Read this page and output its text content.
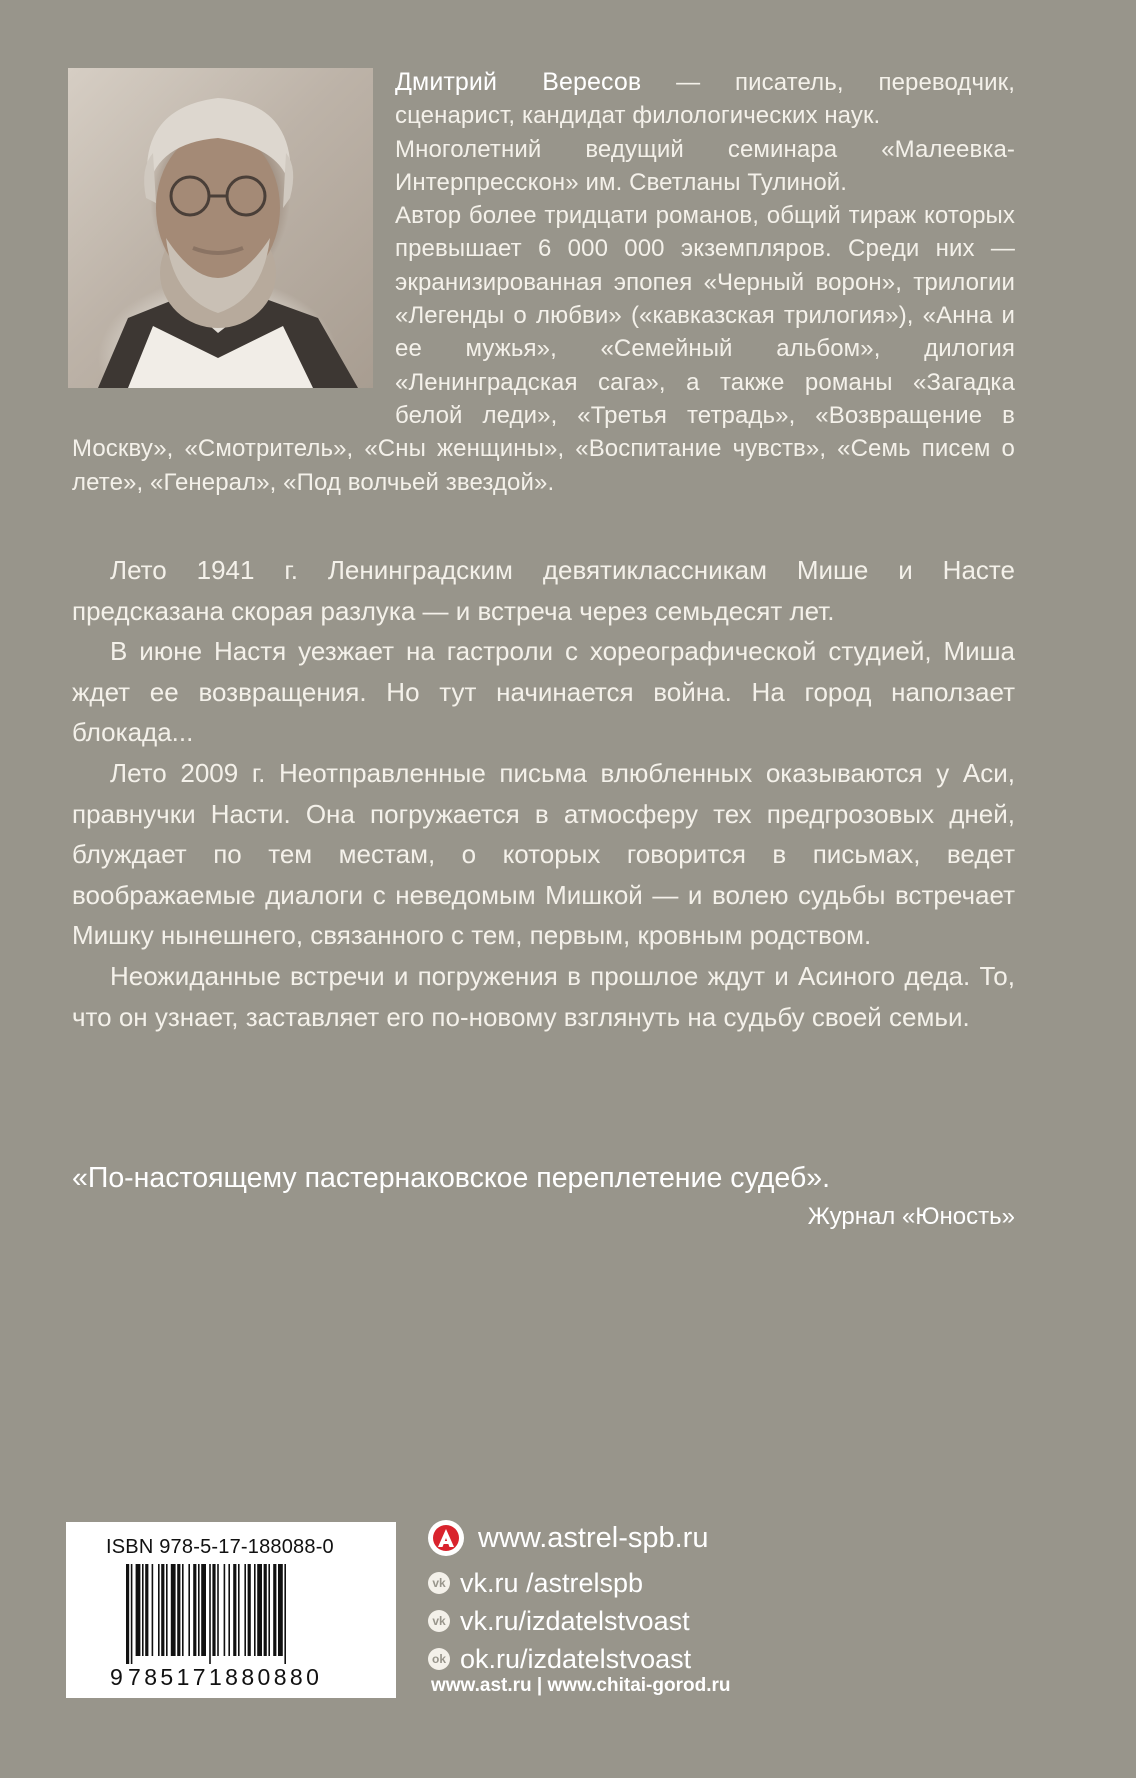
Дмитрий Вересов — писатель, переводчик, сценарист, кандидат филологических наук.

Многолетний ведущий семинара «Малеевка-Интерпресскон» им. Светланы Тулиной.

Автор более тридцати романов, общий тираж которых превышает 6 000 000 экземпляров. Среди них — экранизированная эпопея «Черный ворон», трилогии «Легенды о любви» («кавказская трилогия»), «Анна и ее мужья», «Семейный альбом», дилогия «Ленинградская сага», а также романы «Загадка белой леди», «Третья тетрадь», «Возвращение в Москву», «Смотритель», «Сны женщины», «Воспитание чувств», «Семь писем о лете», «Генерал», «Под волчьей звездой».

Лето 1941 г. Ленинградским девятиклассникам Мише и Насте предсказана скорая разлука — и встреча через семьдесят лет.

В июне Настя уезжает на гастроли с хореографической студией, Миша ждет ее возвращения. Но тут начинается война. На город наползает блокада...

Лето 2009 г. Неотправленные письма влюбленных оказываются у Аси, правнучки Насти. Она погружается в атмосферу тех предгрозовых дней, блуждает по тем местам, о которых говорится в письмах, ведет воображаемые диалоги с неведомым Мишкой — и волею судьбы встречает Мишку нынешнего, связанного с тем, первым, кровным родством.

Неожиданные встречи и погружения в прошлое ждут и Асиного деда. То, что он узнает, заставляет его по-новому взглянуть на судьбу своей семьи.

«По-настоящему пастернаковское переплетение судеб».
Журнал «Юность»
ISBN 978-5-17-188088-0
9 785171880880
www.astrel-spb.ru
vk vk.ru /astrelspb
vk vk.ru/izdatelstvoast
ok ok.ru/izdatelstvoast
www.ast.ru | www.chitai-gorod.ru
